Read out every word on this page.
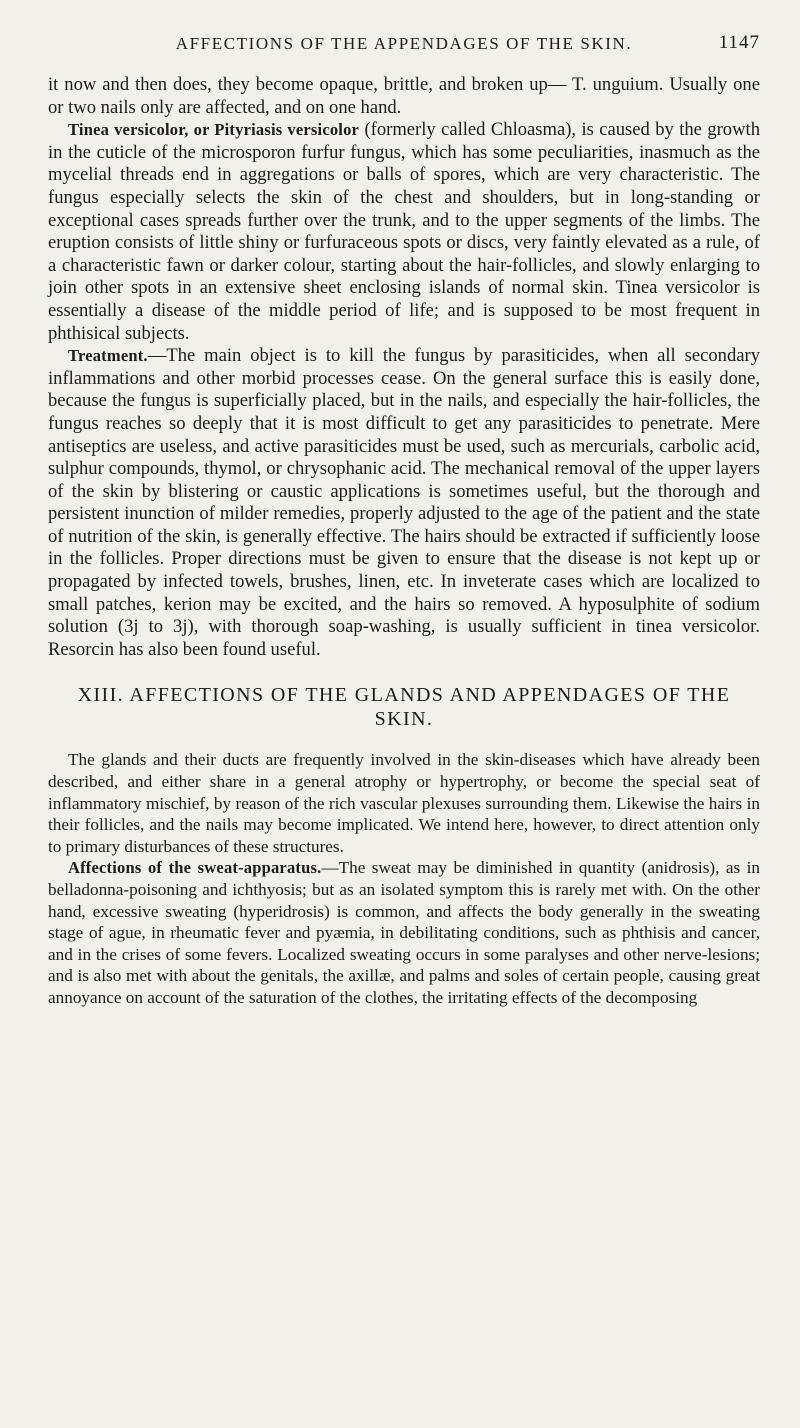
AFFECTIONS OF THE APPENDAGES OF THE SKIN.	1147

it now and then does, they become opaque, brittle, and broken up— T. unguium. Usually one or two nails only are affected, and on one hand.

Tinea versicolor, or Pityriasis versicolor (formerly called Chloasma), is caused by the growth in the cuticle of the microsporon furfur fungus, which has some peculiarities, inasmuch as the mycelial threads end in aggregations or balls of spores, which are very characteristic. The fungus especially selects the skin of the chest and shoulders, but in long-standing or exceptional cases spreads further over the trunk, and to the upper segments of the limbs. The eruption consists of little shiny or furfuraceous spots or discs, very faintly elevated as a rule, of a characteristic fawn or darker colour, starting about the hair-follicles, and slowly enlarging to join other spots in an extensive sheet enclosing islands of normal skin. Tinea versicolor is essentially a disease of the middle period of life; and is supposed to be most frequent in phthisical subjects.

Treatment.—The main object is to kill the fungus by parasiticides, when all secondary inflammations and other morbid processes cease. On the general surface this is easily done, because the fungus is superficially placed, but in the nails, and especially the hair-follicles, the fungus reaches so deeply that it is most difficult to get any parasiticides to penetrate. Mere antiseptics are useless, and active parasiticides must be used, such as mercurials, carbolic acid, sulphur compounds, thymol, or chrysophanic acid. The mechanical removal of the upper layers of the skin by blistering or caustic applications is sometimes useful, but the thorough and persistent inunction of milder remedies, properly adjusted to the age of the patient and the state of nutrition of the skin, is generally effective. The hairs should be extracted if sufficiently loose in the follicles. Proper directions must be given to ensure that the disease is not kept up or propagated by infected towels, brushes, linen, etc. In inveterate cases which are localized to small patches, kerion may be excited, and the hairs so removed. A hyposulphite of sodium solution (3j to 3j), with thorough soap-washing, is usually sufficient in tinea versicolor. Resorcin has also been found useful.

XIII. AFFECTIONS OF THE GLANDS AND APPENDAGES OF THE SKIN.

The glands and their ducts are frequently involved in the skin-diseases which have already been described, and either share in a general atrophy or hypertrophy, or become the special seat of inflammatory mischief, by reason of the rich vascular plexuses surrounding them. Likewise the hairs in their follicles, and the nails may become implicated. We intend here, however, to direct attention only to primary disturbances of these structures.

Affections of the sweat-apparatus.—The sweat may be diminished in quantity (anidrosis), as in belladonna-poisoning and ichthyosis; but as an isolated symptom this is rarely met with. On the other hand, excessive sweating (hyperidrosis) is common, and affects the body generally in the sweating stage of ague, in rheumatic fever and pyæmia, in debilitating conditions, such as phthisis and cancer, and in the crises of some fevers. Localized sweating occurs in some paralyses and other nerve-lesions; and is also met with about the genitals, the axillæ, and palms and soles of certain people, causing great annoyance on account of the saturation of the clothes, the irritating effects of the decomposing
